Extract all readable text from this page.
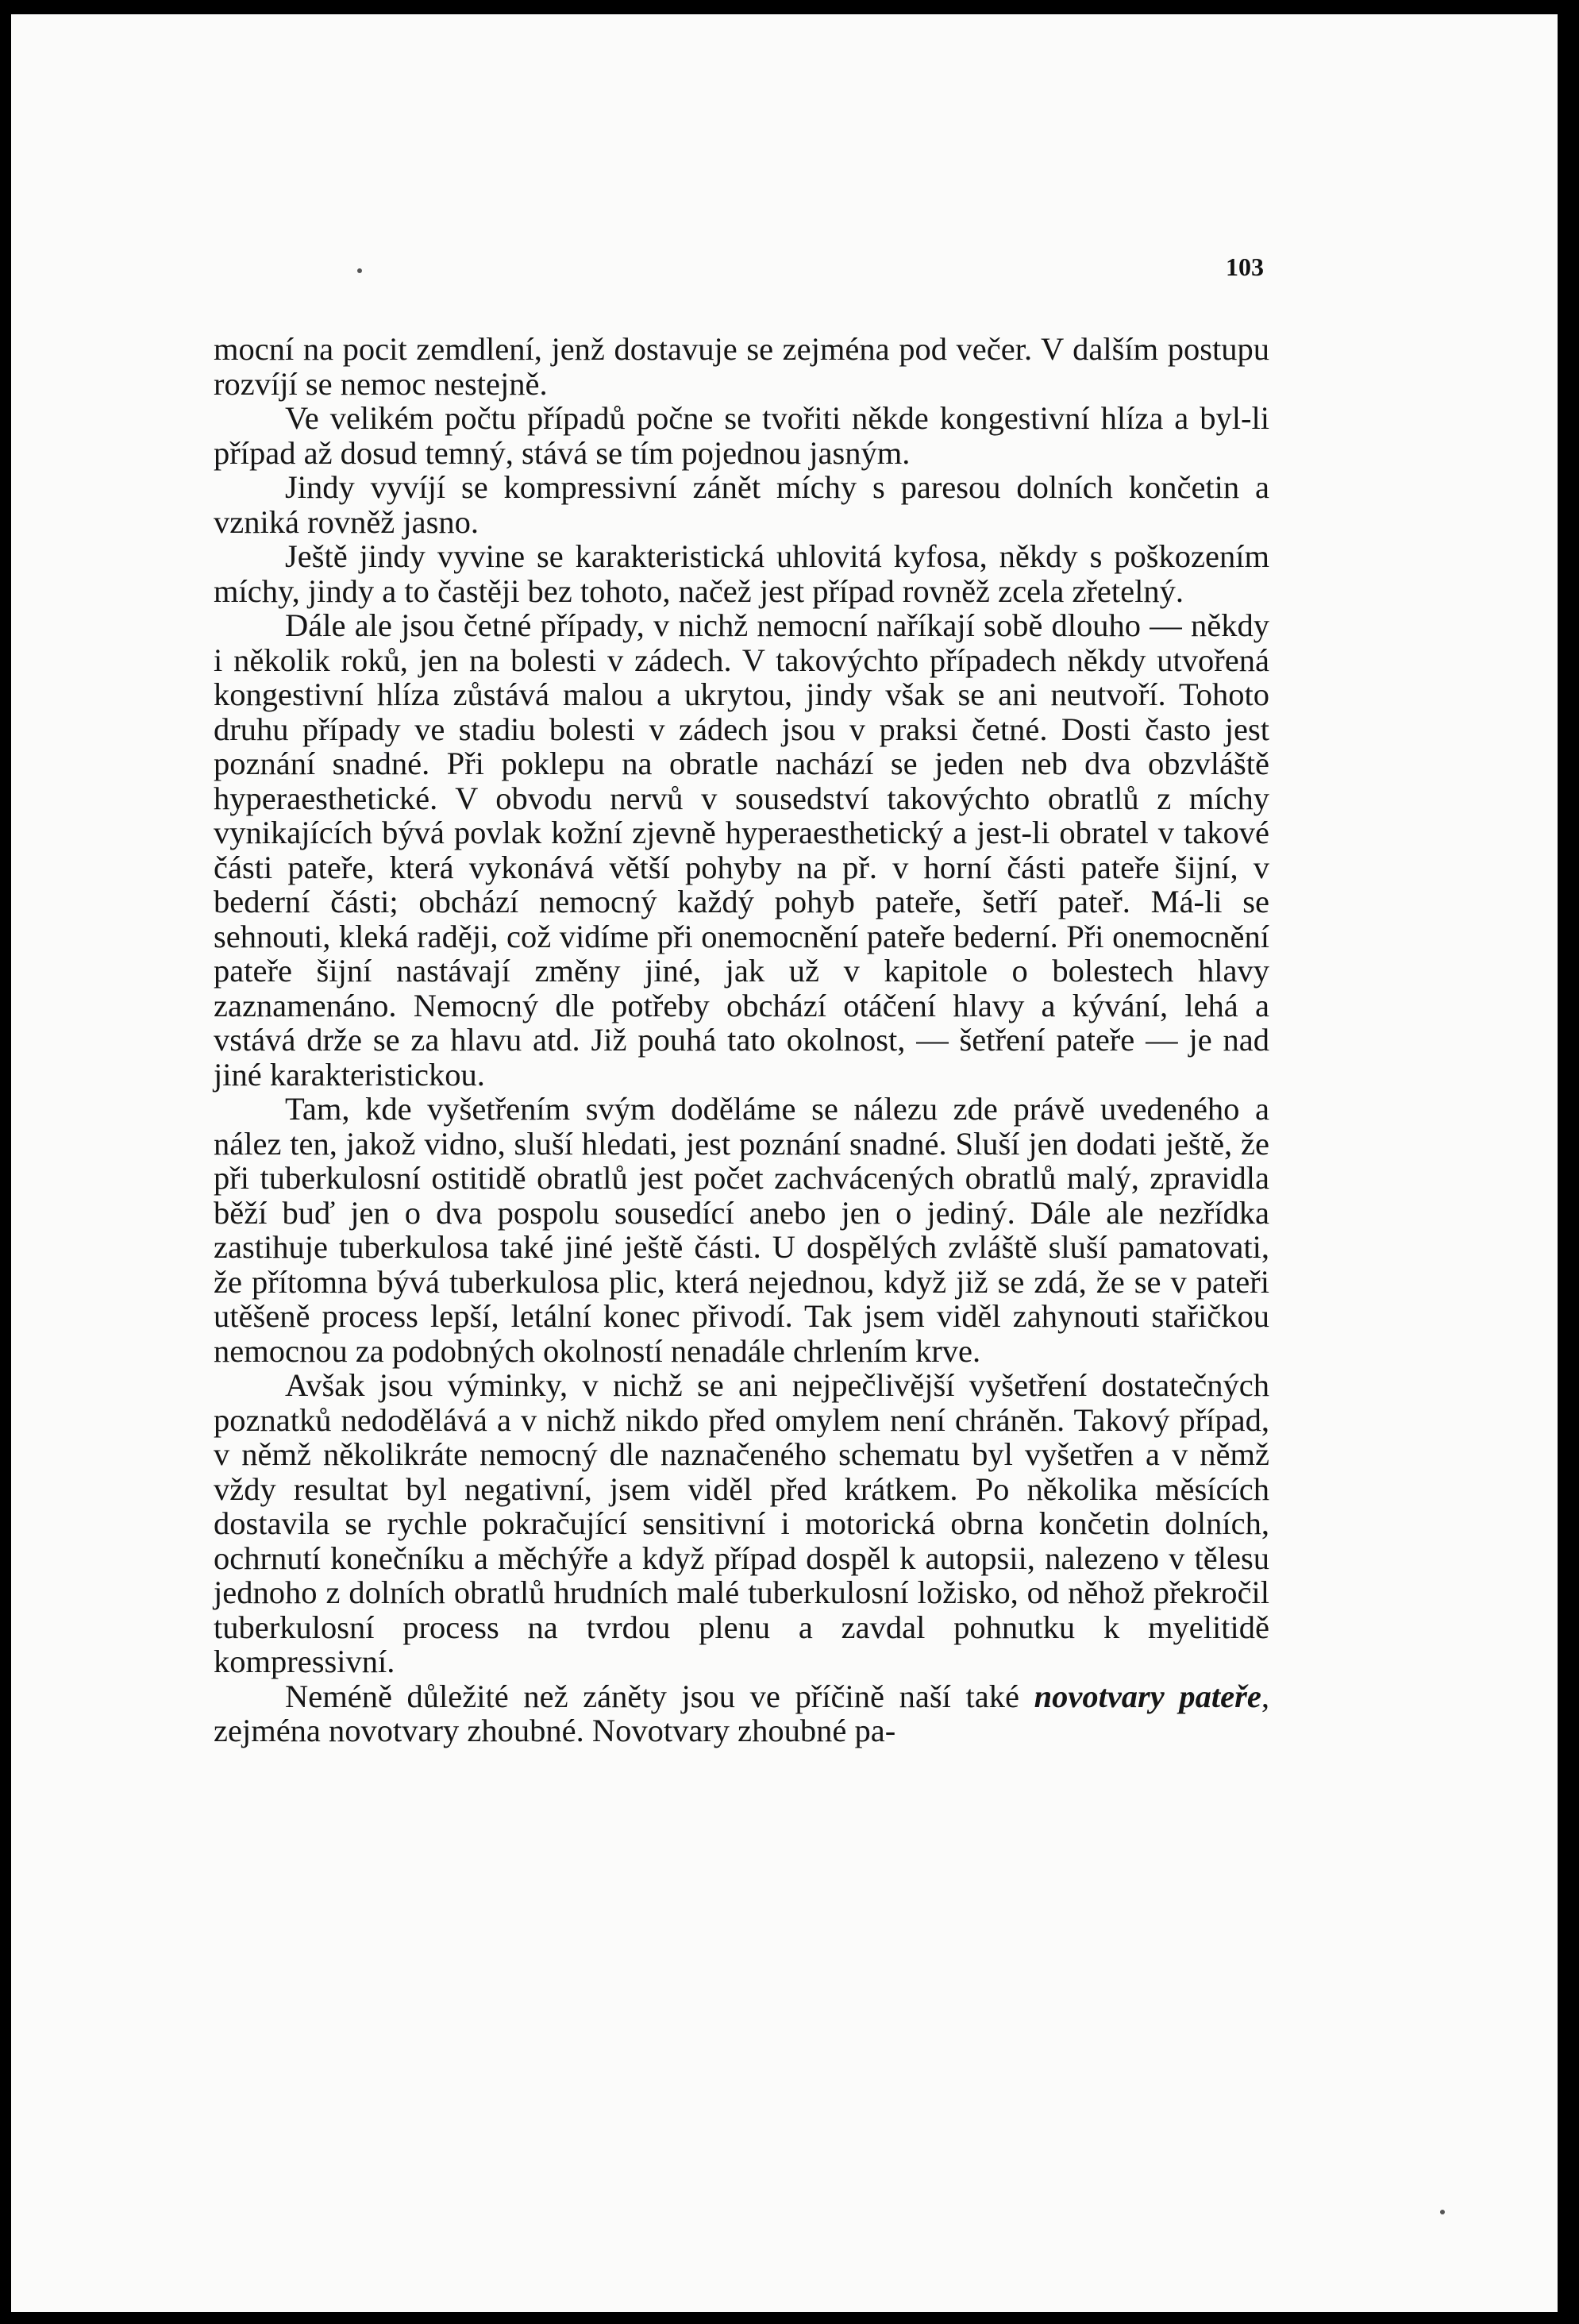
103

mocní na pocit zemdlení, jenž dostavuje se zejména pod večer. V dalším postupu rozvíjí se nemoc nestejně.

Ve velikém počtu případů počne se tvořiti někde kongestivní hlíza a byl-li případ až dosud temný, stává se tím pojednou jasným.

Jindy vyvíjí se kompressivní zánět míchy s paresou dolních končetin a vzniká rovněž jasno.

Ještě jindy vyvine se karakteristická uhlovitá kyfosa, někdy s poškozením míchy, jindy a to častěji bez tohoto, načež jest případ rovněž zcela zřetelný.

Dále ale jsou četné případy, v nichž nemocní naříkají sobě dlouho — někdy i několik roků, jen na bolesti v zádech. V takovýchto případech někdy utvořená kongestivní hlíza zůstává malou a ukrytou, jindy však se ani neutvoří. Tohoto druhu případy ve stadiu bolesti v zádech jsou v praksi četné. Dosti často jest poznání snadné. Při poklepu na obratle nachází se jeden neb dva obzvláště hyperaesthetické. V obvodu nervů v sousedství takovýchto obratlů z míchy vynikajících bývá povlak kožní zjevně hyperaesthetický a jest-li obratel v takové části pateře, která vykonává větší pohyby na př. v horní části pateře šijní, v bederní části; obchází nemocný každý pohyb pateře, šetří pateř. Má-li se sehnouti, kleká raději, což vidíme při onemocnění pateře bederní. Při onemocnění pateře šijní nastávají změny jiné, jak už v kapitole o bolestech hlavy zaznamenáno. Nemocný dle potřeby obchází otáčení hlavy a kývání, lehá a vstává drže se za hlavu atd. Již pouhá tato okolnost, — šetření pateře — je nad jiné karakteristickou.

Tam, kde vyšetřením svým doděláme se nálezu zde právě uvedeného a nález ten, jakož vidno, sluší hledati, jest poznání snadné. Sluší jen dodati ještě, že při tuberkulosní ostitidě obratlů jest počet zachvácených obratlů malý, zpravidla běží buď jen o dva pospolu sousedící anebo jen o jediný. Dále ale nezřídka zastihuje tuberkulosa také jiné ještě části. U dospělých zvláště sluší pamatovati, že přítomna bývá tuberkulosa plic, která nejednou, když již se zdá, že se v pateři utěšeně process lepší, letální konec přivodí. Tak jsem viděl zahynouti stařičkou nemocnou za podobných okolností nenadále chrlením krve.

Avšak jsou výminky, v nichž se ani nejpečlivější vyšetření dostatečných poznatků nedodělává a v nichž nikdo před omylem není chráněn. Takový případ, v němž několikráte nemocný dle naznačeného schematu byl vyšetřen a v němž vždy resultat byl negativní, jsem viděl před krátkem. Po několika měsících dostavila se rychle pokračující sensitivní i motorická obrna končetin dolních, ochrnutí konečníku a měchýře a když případ dospěl k autopsii, nalezeno v tělesu jednoho z dolních obratlů hrudních malé tuberkulosní ložisko, od něhož překročil tuberkulosní process na tvrdou plenu a zavdal pohnutku k myelitidě kompressivní.

Neméně důležité než záněty jsou ve příčině naší také novotvary pateře, zejména novotvary zhoubné. Novotvary zhoubné pa-
